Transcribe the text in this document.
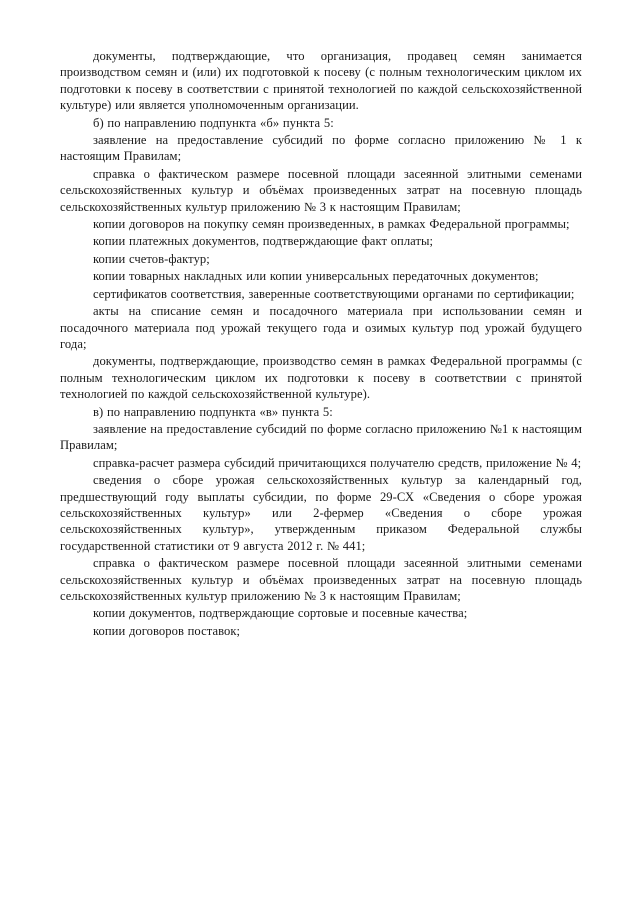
документы, подтверждающие, что организация, продавец семян занимается производством семян и (или) их подготовкой к посеву (с полным технологическим циклом их подготовки к посеву в соответствии с принятой технологией по каждой сельскохозяйственной культуре) или является уполномоченным организации.

б) по направлению подпункта «б» пункта 5:

заявление на предоставление субсидий по форме согласно приложению № 1 к настоящим Правилам;

справка о фактическом размере посевной площади засеянной элитными семенами сельскохозяйственных культур и объёмах произведенных затрат на посевную площадь сельскохозяйственных культур приложению № 3 к настоящим Правилам;

копии договоров на покупку семян произведенных, в рамках Федеральной программы;

копии платежных документов, подтверждающие факт оплаты;

копии счетов-фактур;

копии товарных накладных или копии универсальных передаточных документов;

сертификатов соответствия, заверенные соответствующими органами по сертификации;

акты на списание семян и посадочного материала при использовании семян и посадочного материала под урожай текущего года и озимых культур под урожай будущего года;

документы, подтверждающие, производство семян в рамках Федеральной программы (с полным технологическим циклом их подготовки к посеву в соответствии с принятой технологией по каждой сельскохозяйственной культуре).

в) по направлению подпункта «в» пункта 5:

заявление на предоставление субсидий по форме согласно приложению №1 к настоящим Правилам;

справка-расчет размера субсидий причитающихся получателю средств, приложение № 4;

сведения о сборе урожая сельскохозяйственных культур за календарный год, предшествующий году выплаты субсидии, по форме 29-СХ «Сведения о сборе урожая сельскохозяйственных культур» или 2-фермер «Сведения о сборе урожая сельскохозяйственных культур», утвержденным приказом Федеральной службы государственной статистики от 9 августа 2012 г. № 441;

справка о фактическом размере посевной площади засеянной элитными семенами сельскохозяйственных культур и объёмах произведенных затрат на посевную площадь сельскохозяйственных культур приложению № 3 к настоящим Правилам;

копии документов, подтверждающие сортовые и посевные качества;

копии договоров поставок;
